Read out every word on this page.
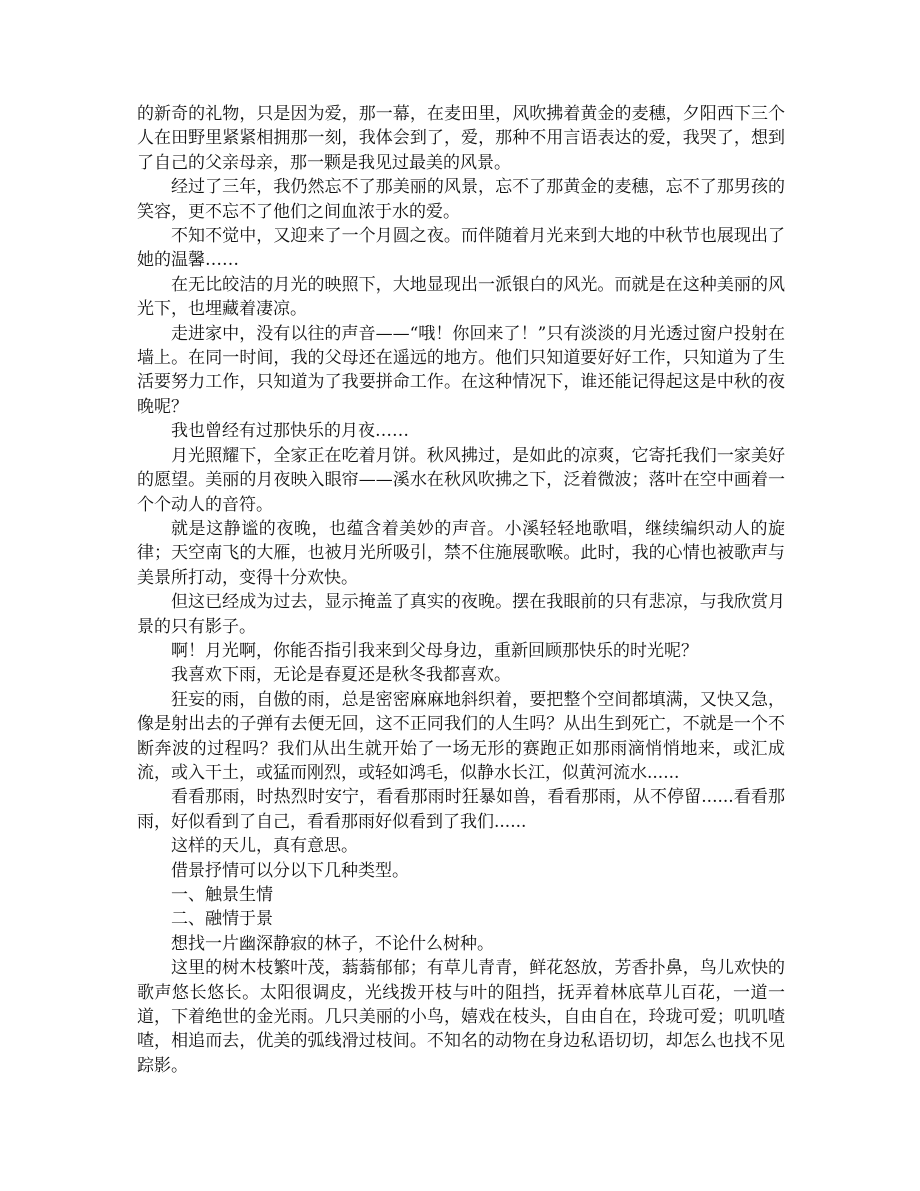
的新奇的礼物，只是因为爱，那一幕，在麦田里，风吹拂着黄金的麦穗，夕阳西下三个人在田野里紧紧相拥那一刻，我体会到了，爱，那种不用言语表达的爱，我哭了，想到了自己的父亲母亲，那一颗是我见过最美的风景。

经过了三年，我仍然忘不了那美丽的风景，忘不了那黄金的麦穗，忘不了那男孩的笑容，更不忘不了他们之间血浓于水的爱。

不知不觉中，又迎来了一个月圆之夜。而伴随着月光来到大地的中秋节也展现出了她的温馨……

在无比皎洁的月光的映照下，大地显现出一派银白的风光。而就是在这种美丽的风光下，也埋藏着凄凉。

走进家中，没有以往的声音——“哦！你回来了！”只有淡淡的月光透过窗户投射在墙上。在同一时间，我的父母还在遥远的地方。他们只知道要好好工作，只知道为了生活要努力工作，只知道为了我要拼命工作。在这种情况下，谁还能记得起这是中秋的夜晚呢？

我也曾经有过那快乐的月夜……

月光照耀下，全家正在吃着月饼。秋风拂过，是如此的凉爽，它寄托我们一家美好的愿望。美丽的月夜映入眼帘——溪水在秋风吹拂之下，泛着微波；落叶在空中画着一个个动人的音符。

就是这静谧的夜晚，也蕴含着美妙的声音。小溪轻轻地歌唱，继续编织动人的旋律；天空南飞的大雁，也被月光所吸引，禁不住施展歌喉。此时，我的心情也被歌声与美景所打动，变得十分欢快。

但这已经成为过去，显示掩盖了真实的夜晚。摆在我眼前的只有悲凉，与我欣赏月景的只有影子。

啊！月光啊，你能否指引我来到父母身边，重新回顾那快乐的时光呢？

我喜欢下雨，无论是春夏还是秋冬我都喜欢。

狂妄的雨，自傲的雨，总是密密麻麻地斜织着，要把整个空间都填满，又快又急，像是射出去的子弹有去便无回，这不正同我们的人生吗？从出生到死亡，不就是一个不断奔波的过程吗？我们从出生就开始了一场无形的赛跑正如那雨滴悄悄地来，或汇成流，或入干土，或猛而刚烈，或轻如鸿毛，似静水长江，似黄河流水......

看看那雨，时热烈时安宁，看看那雨时狂暴如兽，看看那雨，从不停留......看看那雨，好似看到了自己，看看那雨好似看到了我们......

这样的天儿，真有意思。

借景抒情可以分以下几种类型。

一、触景生情

二、融情于景

想找一片幽深静寂的林子，不论什么树种。

这里的树木枝繁叶茂，蓊蓊郁郁；有草儿青青，鲜花怒放，芳香扑鼻，鸟儿欢快的歌声悠长悠长。太阳很调皮，光线拨开枝与叶的阻挡，抚弄着林底草儿百花，一道一道，下着绝世的金光雨。几只美丽的小鸟，嬉戏在枝头，自由自在，玲珑可爱；叽叽喳喳，相追而去，优美的弧线滑过枝间。不知名的动物在身边私语切切，却怎么也找不见踪影。
